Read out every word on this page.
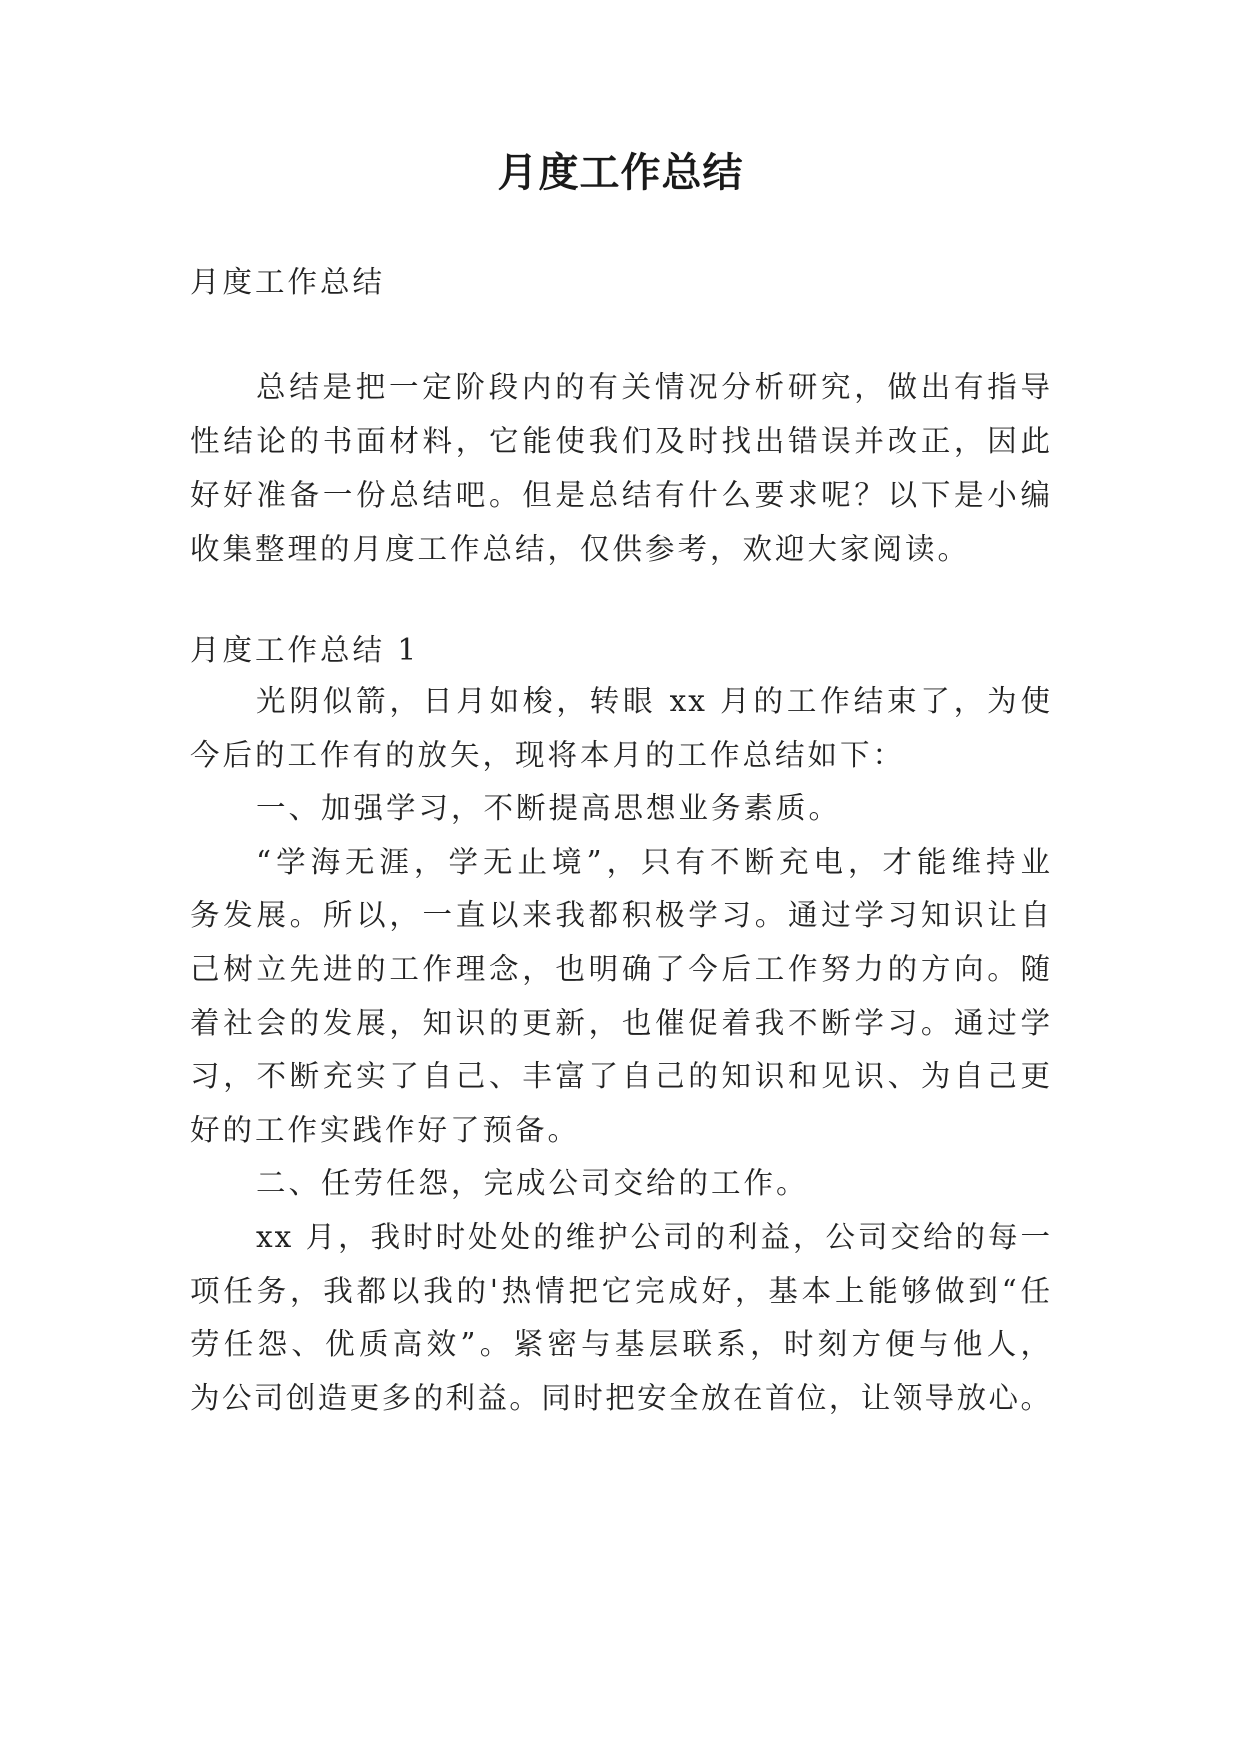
月度工作总结
月度工作总结
总结是把一定阶段内的有关情况分析研究，做出有指导
性结论的书面材料，它能使我们及时找出错误并改正，因此
好好准备一份总结吧。但是总结有什么要求呢？以下是小编
收集整理的月度工作总结，仅供参考，欢迎大家阅读。
月度工作总结 1
光阴似箭，日月如梭，转眼 xx 月的工作结束了，为使
今后的工作有的放矢，现将本月的工作总结如下：
一、加强学习，不断提高思想业务素质。
“学海无涯，学无止境”，只有不断充电，才能维持业
务发展。所以，一直以来我都积极学习。通过学习知识让自
己树立先进的工作理念，也明确了今后工作努力的方向。随
着社会的发展，知识的更新，也催促着我不断学习。通过学
习，不断充实了自己、丰富了自己的知识和见识、为自己更
好的工作实践作好了预备。
二、任劳任怨，完成公司交给的工作。
xx 月，我时时处处的维护公司的利益，公司交给的每一
项任务，我都以我的'热情把它完成好，基本上能够做到“任
劳任怨、优质高效”。紧密与基层联系，时刻方便与他人，
为公司创造更多的利益。同时把安全放在首位，让领导放心。
